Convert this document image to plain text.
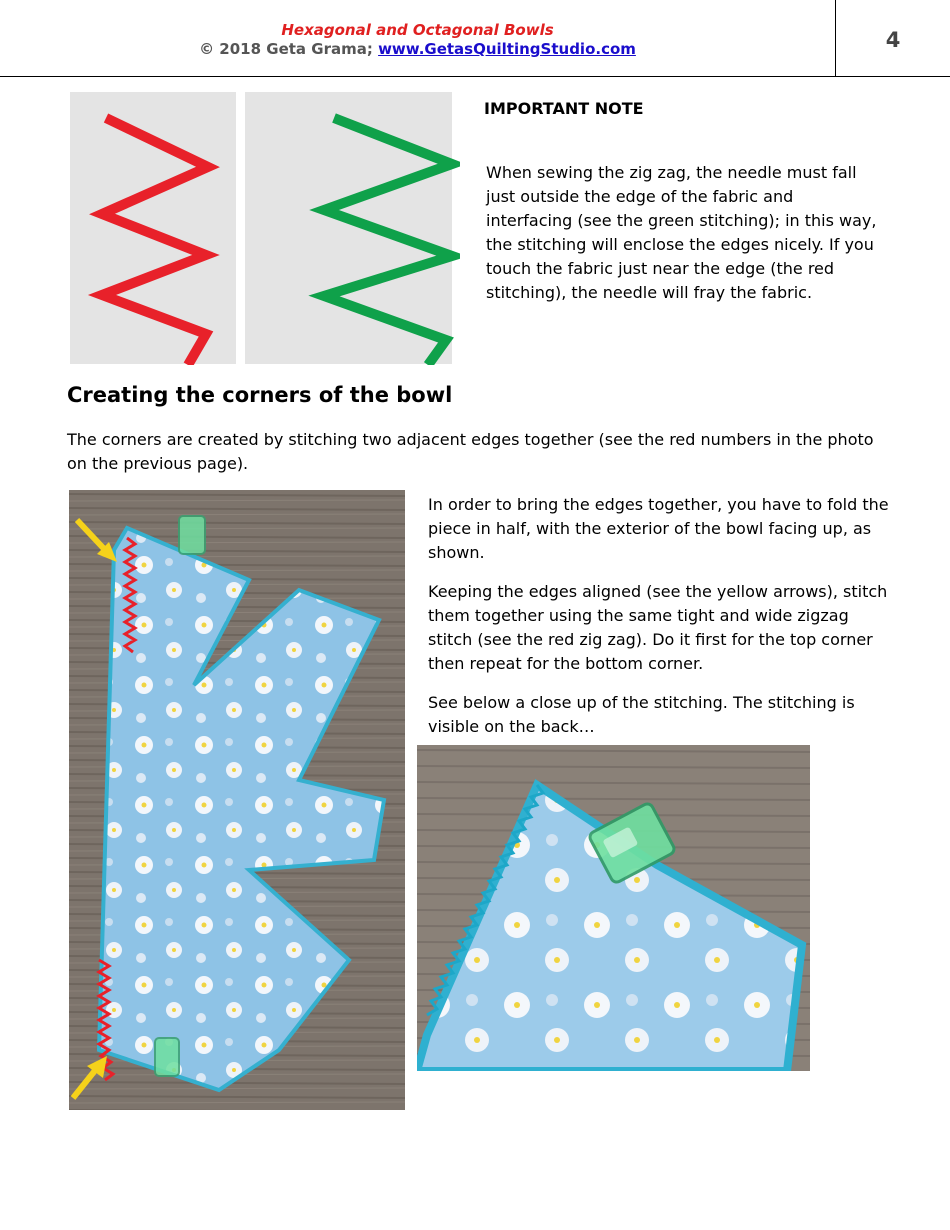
Hexagonal and Octagonal Bowls
© 2018 Geta Grama; www.GetasQuiltingStudio.com	4
IMPORTANT NOTE
When sewing the zig zag, the needle must fall just outside the edge of the fabric and interfacing (see the green stitching); in this way, the stitching will enclose the edges nicely. If you touch the fabric just near the edge (the red stitching), the needle will fray the fabric.
Creating the corners of the bowl
The corners are created by stitching two adjacent edges together (see the red numbers in the photo on the previous page).

In order to bring the edges together, you have to fold the piece in half, with the exterior of the bowl facing up, as shown.

Keeping the edges aligned (see the yellow arrows), stitch them together using the same tight and wide zigzag stitch (see the red zig zag). Do it first for the top corner then repeat for the bottom corner.

See below a close up of the stitching. The stitching is visible on the back…
